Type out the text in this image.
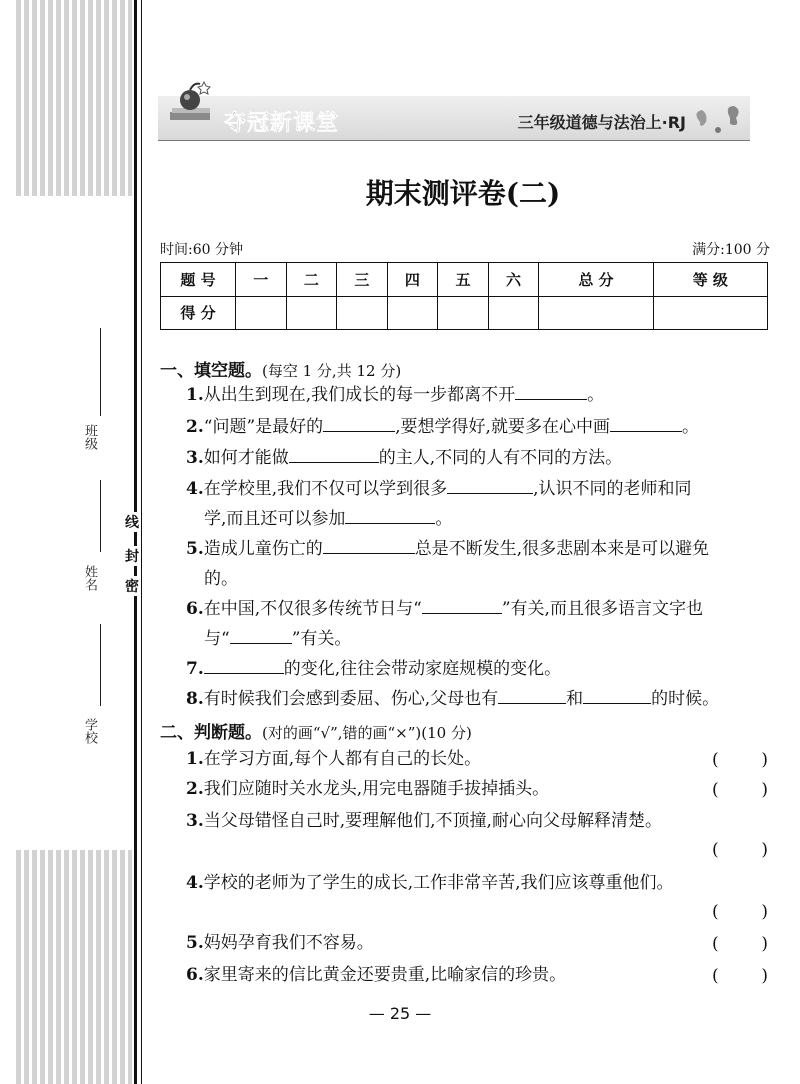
班级
姓名
学校
线
封
密
夺冠新课堂	三年级道德与法治上·RJ
期末测评卷(二)
时间:60 分钟	满分:100 分
题 号	一	二	三	四	五	六	总 分	等 级
得 分								
一、填空题。(每空 1 分,共 12 分)
1.从出生到现在,我们成长的每一步都离不开	。
2.“问题”是最好的	,要想学得好,就要多在心中画	。
3.如何才能做	的主人,不同的人有不同的方法。
4.在学校里,我们不仅可以学到很多	,认识不同的老师和同
学,而且还可以参加	。
5.造成儿童伤亡的	总是不断发生,很多悲剧本来是可以避免
的。
6.在中国,不仅很多传统节日与“	”有关,而且很多语言文字也
与“	”有关。
7.	的变化,往往会带动家庭规模的变化。
8.有时候我们会感到委屈、伤心,父母也有	和	的时候。
二、判断题。(对的画“√”,错的画“×”)(10 分)
1.在学习方面,每个人都有自己的长处。	(	)
2.我们应随时关水龙头,用完电器随手拔掉插头。	(	)
3.当父母错怪自己时,要理解他们,不顶撞,耐心向父母解释清楚。
(	)
4.学校的老师为了学生的成长,工作非常辛苦,我们应该尊重他们。
(	)
5.妈妈孕育我们不容易。	(	)
6.家里寄来的信比黄金还要贵重,比喻家信的珍贵。	(	)
— 25 —
